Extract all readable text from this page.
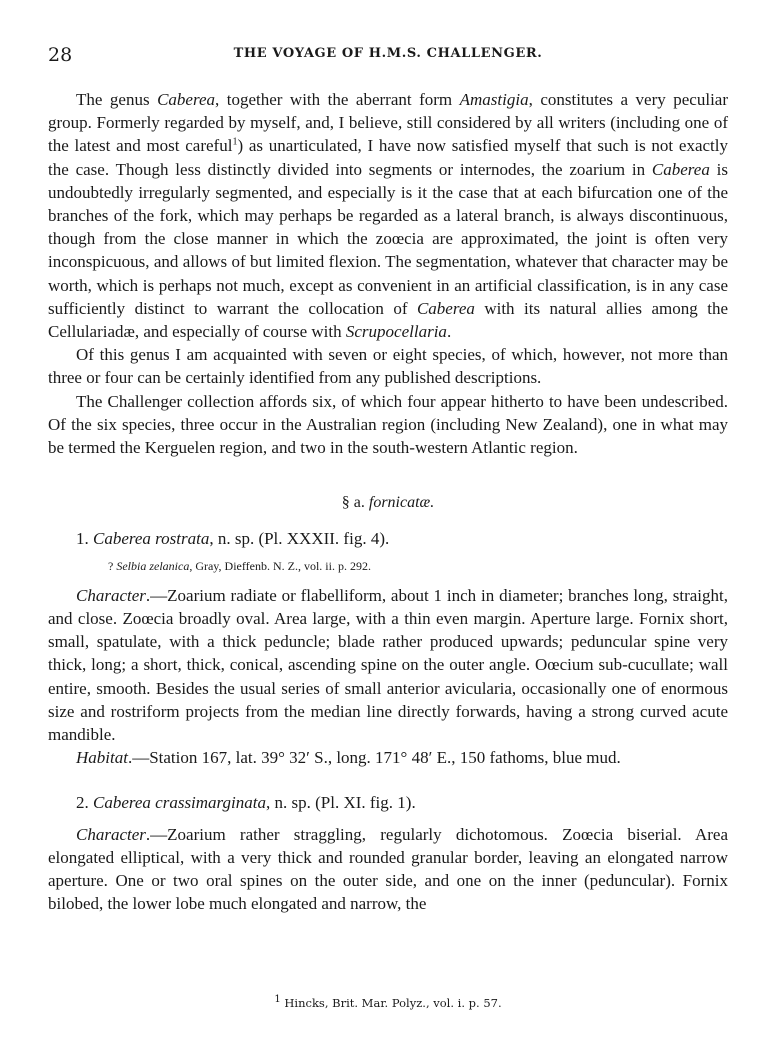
28	THE VOYAGE OF H.M.S. CHALLENGER.

The genus Caberea, together with the aberrant form Amastigia, constitutes a very peculiar group. Formerly regarded by myself, and, I believe, still considered by all writers (including one of the latest and most careful$^1$) as unarticulated, I have now satisfied myself that such is not exactly the case. Though less distinctly divided into segments or internodes, the zoarium in Caberea is undoubtedly irregularly segmented, and especially is it the case that at each bifurcation one of the branches of the fork, which may perhaps be regarded as a lateral branch, is always discontinuous, though from the close manner in which the zoœcia are approximated, the joint is often very inconspicuous, and allows of but limited flexion. The segmentation, whatever that character may be worth, which is perhaps not much, except as convenient in an artificial classification, is in any case sufficiently distinct to warrant the collocation of Caberea with its natural allies among the Cellulariadæ, and especially of course with Scrupocellaria.

Of this genus I am acquainted with seven or eight species, of which, however, not more than three or four can be certainly identified from any published descriptions.

The Challenger collection affords six, of which four appear hitherto to have been undescribed. Of the six species, three occur in the Australian region (including New Zealand), one in what may be termed the Kerguelen region, and two in the south-western Atlantic region.

§ a. fornicatæ.

1. Caberea rostrata, n. sp. (Pl. XXXII. fig. 4).

? Selbia zelanica, Gray, Dieffenb. N. Z., vol. ii. p. 292.

Character.—Zoarium radiate or flabelliform, about 1 inch in diameter; branches long, straight, and close. Zoœcia broadly oval. Area large, with a thin even margin. Aperture large. Fornix short, small, spatulate, with a thick peduncle; blade rather produced upwards; peduncular spine very thick, long; a short, thick, conical, ascending spine on the outer angle. Oœcium sub-cucullate; wall entire, smooth. Besides the usual series of small anterior avicularia, occasionally one of enormous size and rostriform projects from the median line directly forwards, having a strong curved acute mandible.

Habitat.—Station 167, lat. 39° 32′ S., long. 171° 48′ E., 150 fathoms, blue mud.

2. Caberea crassimarginata, n. sp. (Pl. XI. fig. 1).

Character.—Zoarium rather straggling, regularly dichotomous. Zoœcia biserial. Area elongated elliptical, with a very thick and rounded granular border, leaving an elongated narrow aperture. One or two oral spines on the outer side, and one on the inner (peduncular). Fornix bilobed, the lower lobe much elongated and narrow, the

$^1$ Hincks, Brit. Mar. Polyz., vol. i. p. 57.
